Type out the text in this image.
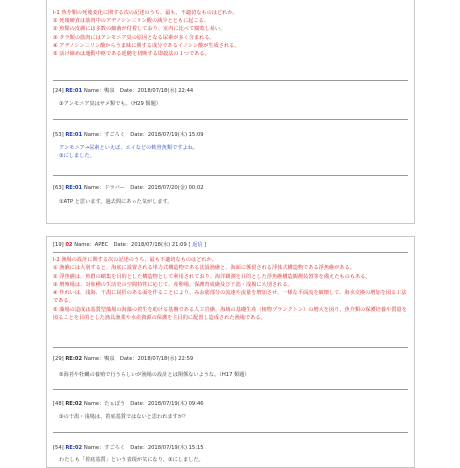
Ⅰ-1 魚介類の死後変化に関する次の記述のうち、最も、不適切なものはどれか。
① 死後硬直は筋肉中のアデノシン三リン酸の減少とともに起こる。
② 魚類の皮膚には多数の細菌が付着しており、室内に比べて腐敗し易い。
③ タラ類の筋肉にはアンモニア臭の原因となる尿素が多く含まれる。
④ アデノシン三リン酸からうま味に関する成分であるイノシン酸が生成される。
⑤ 活け締めは運動中枢である延髄を切断する即殺法の１つである。
[24] RE:01 Name：鴨泉　Date：2018/07/18(水) 22:44
③アンモニア臭はサメ類でも。（H29 類題）
[53] RE:01 Name：すごろく　Date：2018/07/19(木) 15:09
アンモニア→尿素といえば、エイなどの軟骨魚類ですよね。
③にしました。
[63] RE:01 Name：ドラバー　Date：2018/07/20(金) 00:02
①ATP と思います。過去問にあった気がします。
[19] 02 Name：APEC　Date：2018/07/18(水) 21:09 [ 返信 ]
Ⅰ-2 漁場の設計に関する次の記述のうち、最も不適切なものはどれか。
① 漁礁には大別すると、海底に設置される単力式構造物である沈設漁礁と、海面に係留される浮体式構造物である浮魚礁がある。
② 浮魚礁は、魚群の蝟集を目的とした構造物として利用されており、海洋観測を目的とした浮魚礁構造観測装置等を備えたものもある。
③ 増殖場は、対象種の生活史の空間特性に応じて、産卵場、保護育成礁及び干潟・浅場に大別される。
④ 作れいは、浅海、干潟に屈折のある面を作ることにより、みお筋部分の流速や流量を増加させ、一様な平面流を破壊して、海水交換の増加を図る工法である。
⑤ 藻場の造成は基質型藻場の海藻の着生を助ける基盤である人工岩礁、海域の基礎生産（植物プランクトン）の増大を図り、魚介類の保護培養や質量を図ることを目的とした漁具漁業や水産資源の保護を主目的に配置し造成された漁場である。
[29] RE:02 Name：鴨泉　Date：2018/07/18(水) 22:59
⑤海苔や牡蠣の養殖で行うらしいが漁場の設計とは関係ないような。（H17 類題）
[48] RE:02 Name：たぁぼう　Date：2018/07/19(木) 09:46
③の干潟・浅場は、着底基質ではないと思われますが？
[54] RE:02 Name：すごろく　Date：2018/07/19(木) 15:15
わたしも「着底基質」という表現が気になり、③にしました。
